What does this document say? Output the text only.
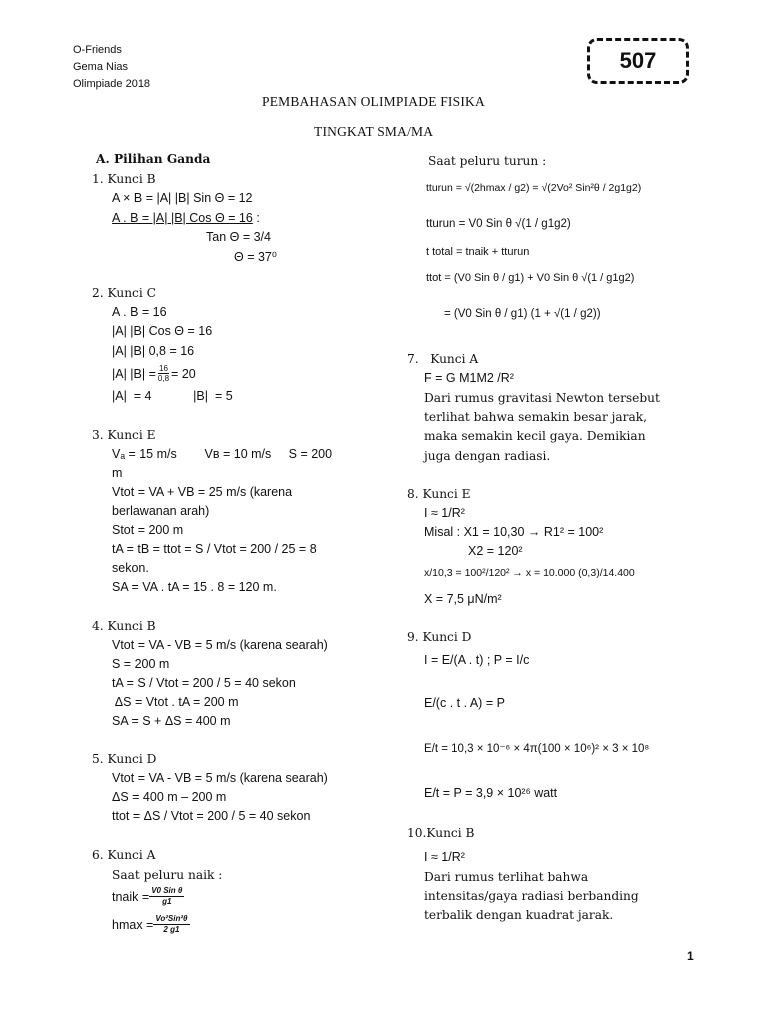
O-Friends
Gema Nias
Olimpiade 2018
507
PEMBAHASAN OLIMPIADE FISIKA
TINGKAT SMA/MA
A. Pilihan Ganda
1. Kunci B
A × B = |A| |B| Sin Θ = 12
A . B = |A| |B| Cos Θ = 16 :
Tan Θ = 3/4
Θ = 37⁰
2. Kunci C
A . B = 16
|A| |B| Cos Θ = 16
|A| |B| 0,8 = 16
|A| $|B| = \frac{16}{0,8} = 20$
|A|  = 4            |B|  = 5
3. Kunci E
Vₐ = 15 m/s        Vв = 10 m/s     S = 200
m
Vtot = VA + VB = 25 m/s (karena
berlawanan arah)
Stot = 200 m
tA = tB = ttot = S / Vtot = 200 / 25 = 8
sekon.
SA = VA . tA = 15 . 8 = 120 m.
4. Kunci B
Vtot = VA - VB = 5 m/s (karena searah)
S = 200 m
tA = S / Vtot = 200 / 5 = 40 sekon
ΔS = Vtot . tA = 200 m
SA = S + ΔS = 400 m
5. Kunci D
Vtot = VA - VB = 5 m/s (karena searah)
ΔS = 400 m – 200 m
ttot = ΔS / Vtot = 200 / 5 = 40 sekon
6. Kunci A
Saat peluru naik :
tnaik = V0 Sin θ
g1
hmax = Vo²Sin²θ
2 g1
Saat peluru turun :
tturun = √(2hmax / g2) = √(2Vo² Sin²θ / 2g1g2)
tturun = V0 Sin θ √(1 / g1g2)
t total = tnaik + tturun
ttot = (V0 Sin θ / g1) + V0 Sin θ √(1 / g1g2)
= (V0 Sin θ / g1) (1 + √(1 / g2))
7.   Kunci A
F = G M1M2 /R²
Dari rumus gravitasi Newton tersebut
terlihat bahwa semakin besar jarak,
maka semakin kecil gaya. Demikian
juga dengan radiasi.
8. Kunci E
I ≈ 1/R²
Misal : X1 = 10,30 → R1² = 100²
X2 = 120²
x/10,3 = 100²/120² → x = 10.000 (0,3)/14.400
X = 7,5 μN/m²
9. Kunci D
I = E/(A . t) ; P = I/c
E/(c . t . A) = P
E/t = 10,3 × 10⁻⁶ × 4π(100 × 10⁶)² × 3 × 10⁸
E/t = P = 3,9 × 10²⁶ watt
10.Kunci B
I ≈ 1/R²
Dari rumus terlihat bahwa
intensitas/gaya radiasi berbanding
terbalik dengan kuadrat jarak.
1
